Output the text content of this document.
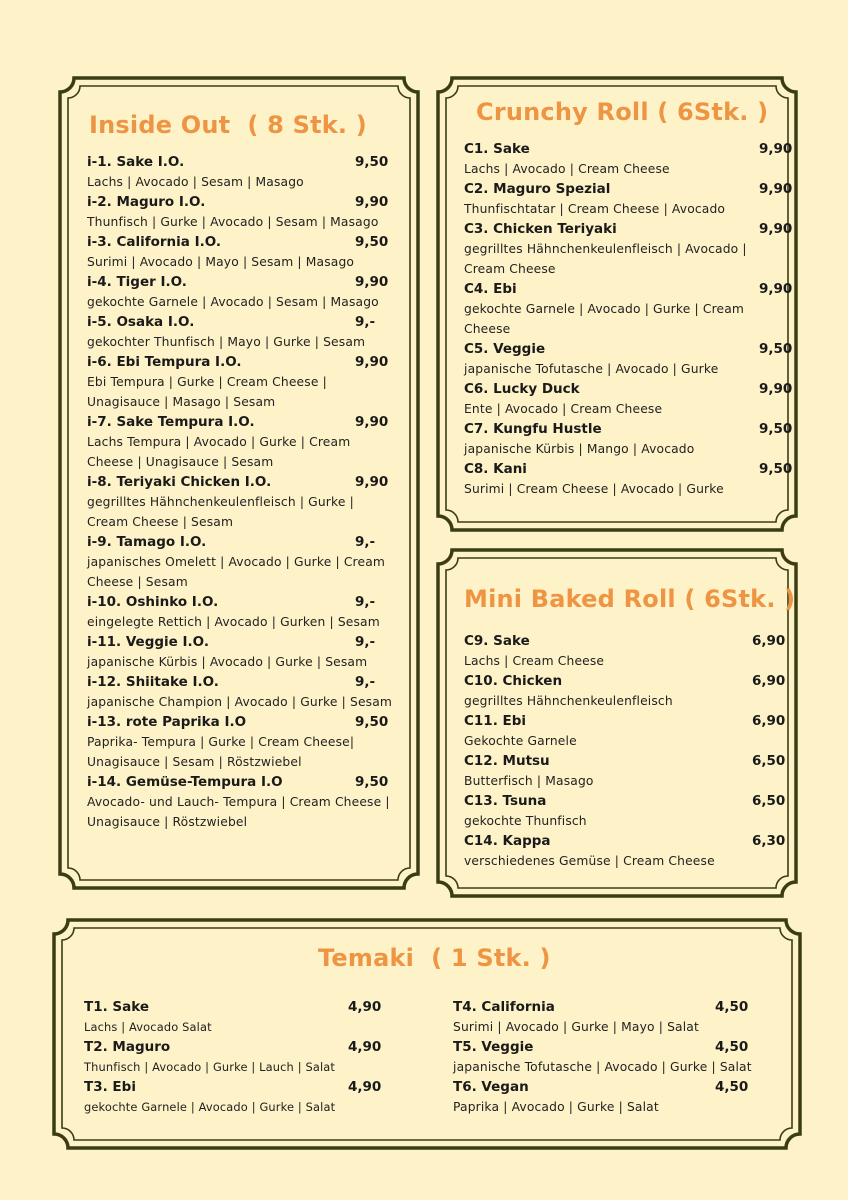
Inside Out  ( 8 Stk. )
i-1. Sake I.O.	9,50
Lachs | Avocado | Sesam | Masago
i-2. Maguro I.O.	9,90
Thunfisch | Gurke | Avocado | Sesam | Masago
i-3. California I.O.	9,50
Surimi | Avocado | Mayo | Sesam | Masago
i-4. Tiger I.O.	9,90
gekochte Garnele | Avocado | Sesam | Masago
i-5. Osaka I.O.	9,-
gekochter Thunfisch | Mayo | Gurke | Sesam
i-6. Ebi Tempura I.O.	9,90
Ebi Tempura | Gurke | Cream Cheese | Unagisauce | Masago | Sesam
i-7. Sake Tempura I.O.	9,90
Lachs Tempura | Avocado | Gurke | Cream Cheese | Unagisauce | Sesam
i-8. Teriyaki Chicken I.O.	9,90
gegrilltes Hähnchenkeulenfleisch | Gurke | Cream Cheese | Sesam
i-9. Tamago I.O.	9,-
japanisches Omelett | Avocado | Gurke | Cream Cheese | Sesam
i-10. Oshinko I.O.	9,-
eingelegte Rettich | Avocado | Gurken | Sesam
i-11. Veggie I.O.	9,-
japanische Kürbis | Avocado | Gurke | Sesam
i-12. Shiitake I.O.	9,-
japanische Champion | Avocado | Gurke | Sesam
i-13. rote Paprika I.O	9,50
Paprika- Tempura | Gurke | Cream Cheese| Unagisauce | Sesam | Röstzwiebel
i-14. Gemüse-Tempura I.O	9,50
Avocado- und Lauch- Tempura | Cream Cheese | Unagisauce | Röstzwiebel
Crunchy Roll ( 6Stk. )
C1. Sake	9,90
Lachs | Avocado | Cream Cheese
C2. Maguro Spezial	9,90
Thunfischtatar | Cream Cheese | Avocado
C3. Chicken Teriyaki	9,90
gegrilltes Hähnchenkeulenfleisch | Avocado | Cream Cheese
C4. Ebi	9,90
gekochte Garnele | Avocado | Gurke | Cream Cheese
C5. Veggie	9,50
japanische Tofutasche | Avocado | Gurke
C6. Lucky Duck	9,90
Ente | Avocado | Cream Cheese
C7. Kungfu Hustle	9,50
japanische Kürbis | Mango | Avocado
C8. Kani	9,50
Surimi | Cream Cheese | Avocado | Gurke
Mini Baked Roll ( 6Stk. )
C9. Sake	6,90
Lachs | Cream Cheese
C10. Chicken	6,90
gegrilltes Hähnchenkeulenfleisch
C11. Ebi	6,90
Gekochte Garnele
C12. Mutsu	6,50
Butterfisch | Masago
C13. Tsuna	6,50
gekochte Thunfisch
C14. Kappa	6,30
verschiedenes Gemüse | Cream Cheese
Temaki  ( 1 Stk. )
T1. Sake	4,90
Lachs | Avocado Salat
T2. Maguro	4,90
Thunfisch | Avocado | Gurke | Lauch | Salat
T3. Ebi	4,90
gekochte Garnele | Avocado | Gurke | Salat
T4. California	4,50
Surimi | Avocado | Gurke | Mayo | Salat
T5. Veggie	4,50
japanische Tofutasche | Avocado | Gurke | Salat
T6. Vegan	4,50
Paprika | Avocado | Gurke | Salat
